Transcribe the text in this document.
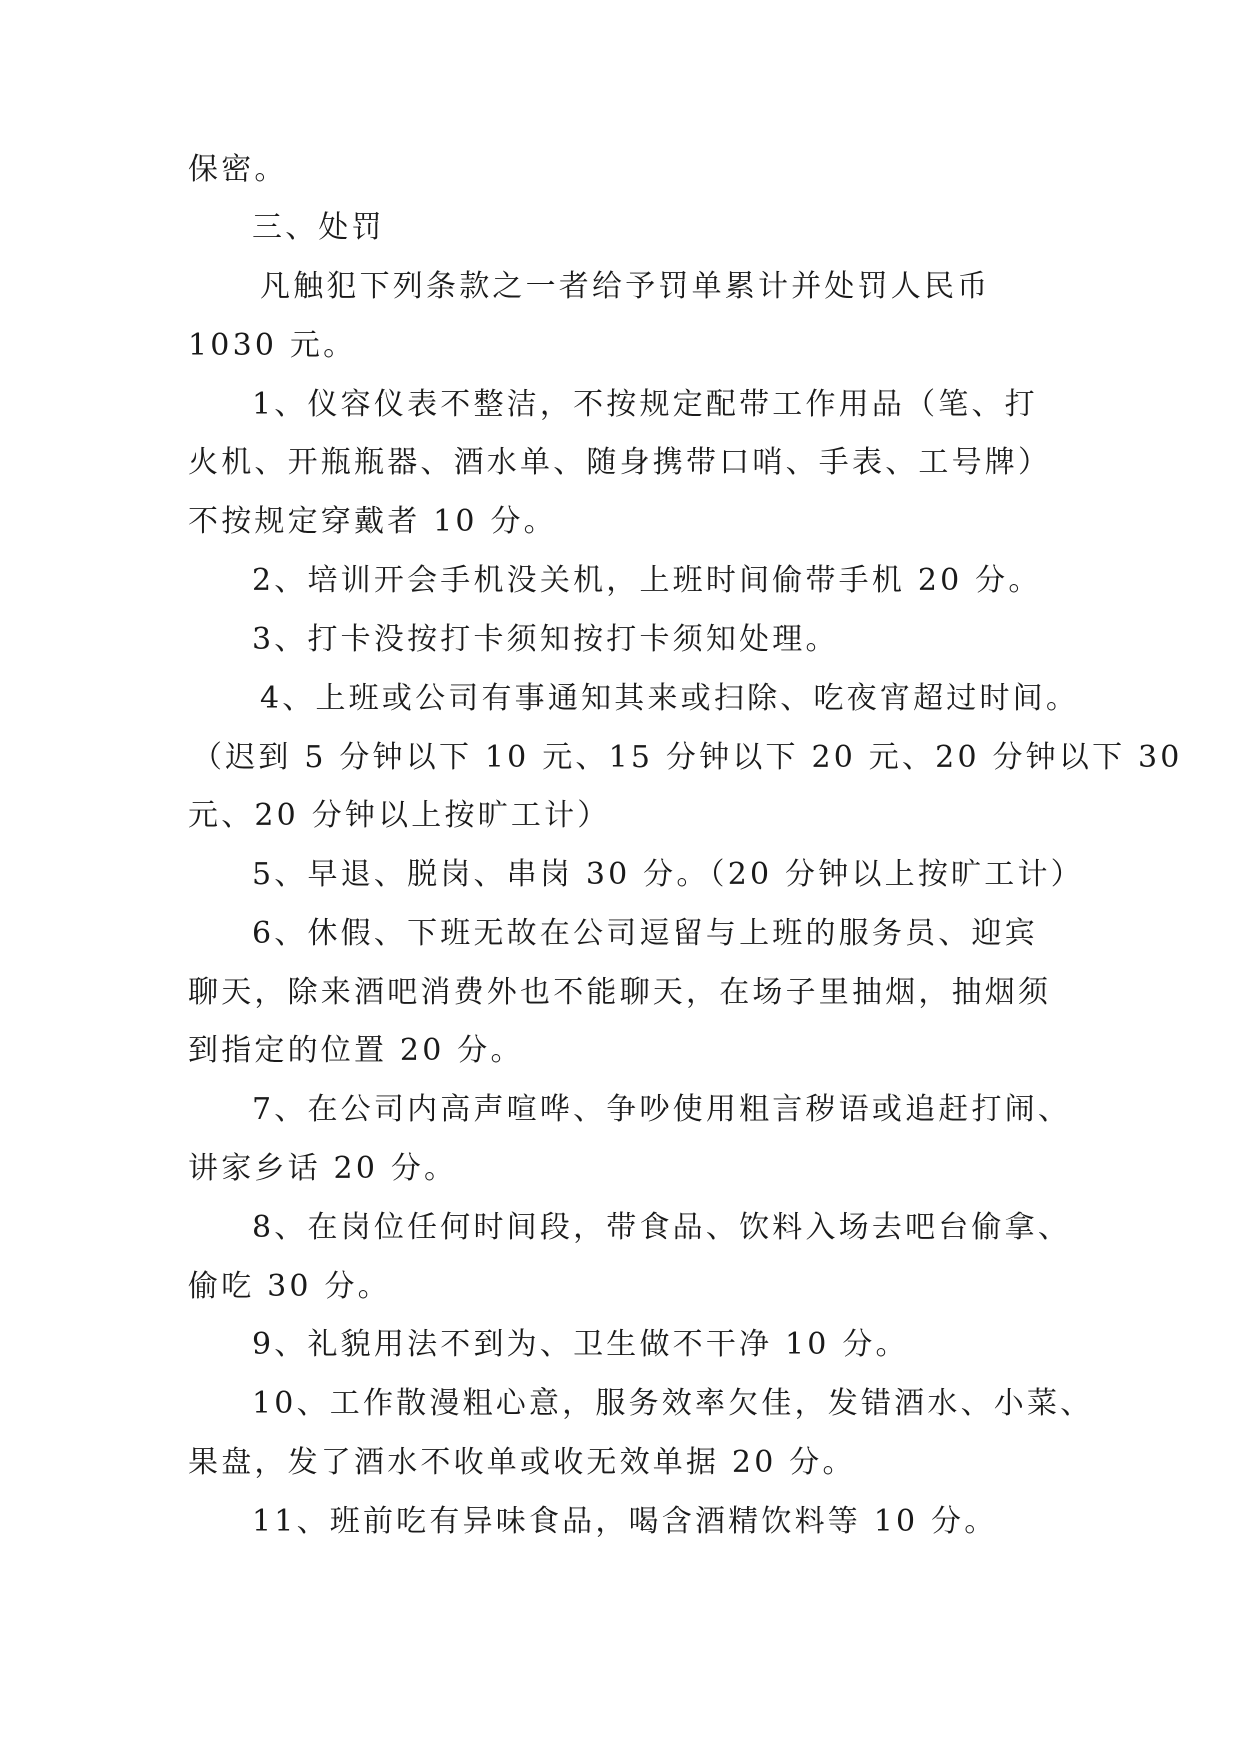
保密。
三、处罚
凡触犯下列条款之一者给予罚单累计并处罚人民币
1030 元。
1、仪容仪表不整洁，不按规定配带工作用品（笔、打
火机、开瓶瓶器、酒水单、随身携带口哨、手表、工号牌）
不按规定穿戴者 10 分。
2、培训开会手机没关机，上班时间偷带手机 20 分。
3、打卡没按打卡须知按打卡须知处理。
4、上班或公司有事通知其来或扫除、吃夜宵超过时间。
（迟到 5 分钟以下 10 元、15 分钟以下 20 元、20 分钟以下 30
元、20 分钟以上按旷工计）
5、早退、脱岗、串岗 30 分。（20 分钟以上按旷工计）
6、休假、下班无故在公司逗留与上班的服务员、迎宾
聊天，除来酒吧消费外也不能聊天，在场子里抽烟，抽烟须
到指定的位置 20 分。
7、在公司内高声喧哗、争吵使用粗言秽语或追赶打闹、
讲家乡话 20 分。
8、在岗位任何时间段，带食品、饮料入场去吧台偷拿、
偷吃 30 分。
9、礼貌用法不到为、卫生做不干净 10 分。
10、工作散漫粗心意，服务效率欠佳，发错酒水、小菜、
果盘，发了酒水不收单或收无效单据 20 分。
11、班前吃有异味食品，喝含酒精饮料等 10 分。
